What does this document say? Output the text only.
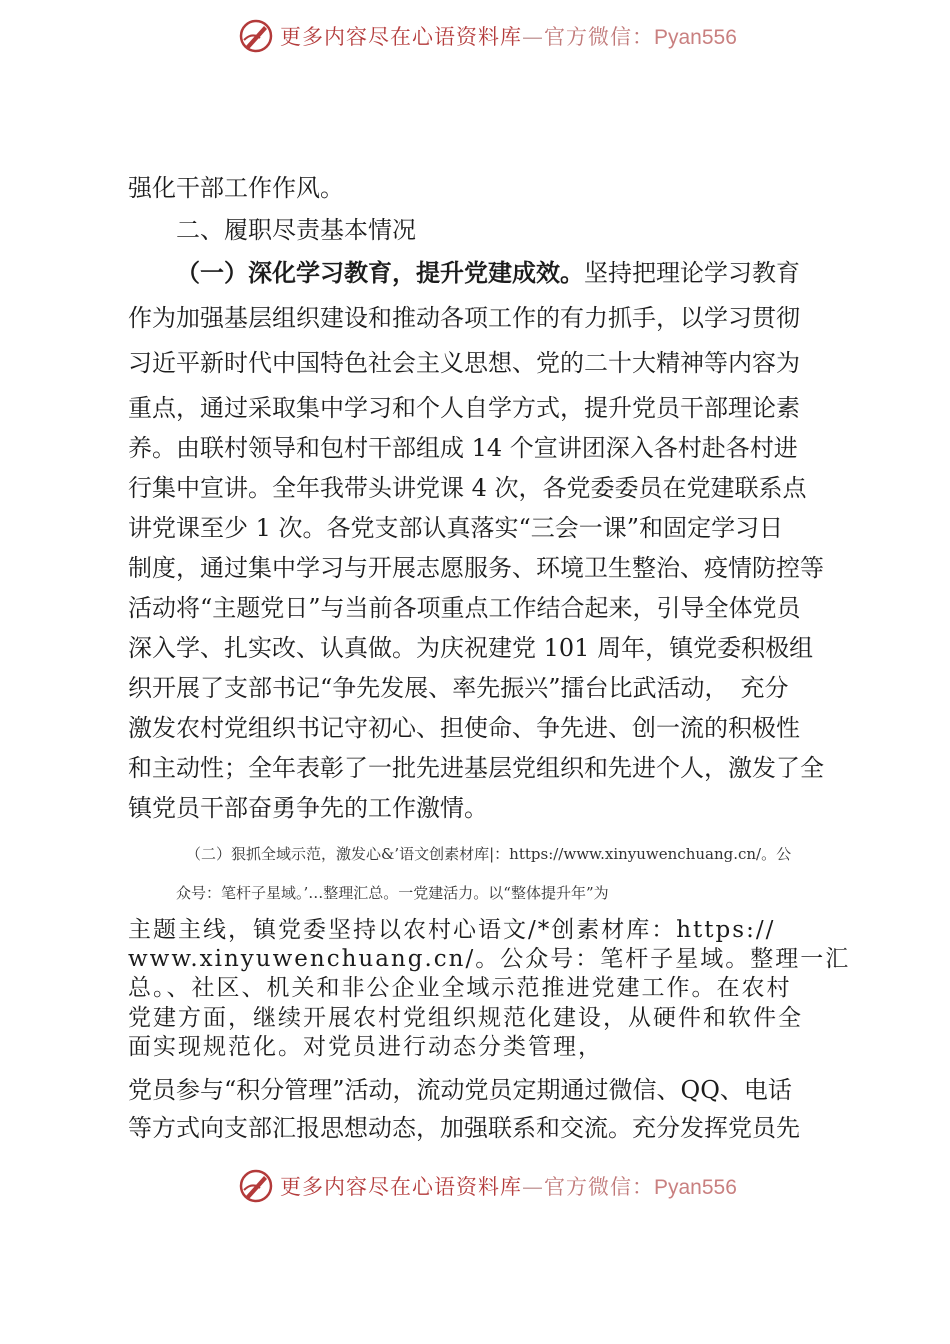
更多内容尽在心语资料库—官方微信：Pyan556
强化干部工作作风。
二、履职尽责基本情况
（一）深化学习教育，提升党建成效。坚持把理论学习教育
作为加强基层组织建设和推动各项工作的有力抓手，以学习贯彻
习近平新时代中国特色社会主义思想、党的二十大精神等内容为
重点，通过采取集中学习和个人自学方式，提升党员干部理论素
养。由联村领导和包村干部组成 14 个宣讲团深入各村赴各村进
行集中宣讲。全年我带头讲党课 4 次，各党委委员在党建联系点
讲党课至少 1 次。各党支部认真落实“三会一课”和固定学习日
制度，通过集中学习与开展志愿服务、环境卫生整治、疫情防控等
活动将“主题党日”与当前各项重点工作结合起来，引导全体党员
深入学、扎实改、认真做。为庆祝建党 101 周年，镇党委积极组
织开展了支部书记“争先发展、率先振兴”擂台比武活动，　充分
激发农村党组织书记守初心、担使命、争先进、创一流的积极性
和主动性；全年表彰了一批先进基层党组织和先进个人，激发了全
镇党员干部奋勇争先的工作激情。
（二）狠抓全域示范，激发心&’语文创素材库|：https://www.xinyuwenchuang.cn/。公
众号：笔杆子星域。’…整理汇总。一党建活力。以“整体提升年”为
主题主线，镇党委坚持以农村心语文/*创素材库：https://
www.xinyuwenchuang.cn/。公众号：笔杆子星域。整理一汇
总。、社区、机关和非公企业全域示范推进党建工作。在农村
党建方面，继续开展农村党组织规范化建设，从硬件和软件全
面实现规范化。对党员进行动态分类管理，
党员参与“积分管理”活动，流动党员定期通过微信、QQ、电话
等方式向支部汇报思想动态，加强联系和交流。充分发挥党员先
更多内容尽在心语资料库—官方微信：Pyan556
